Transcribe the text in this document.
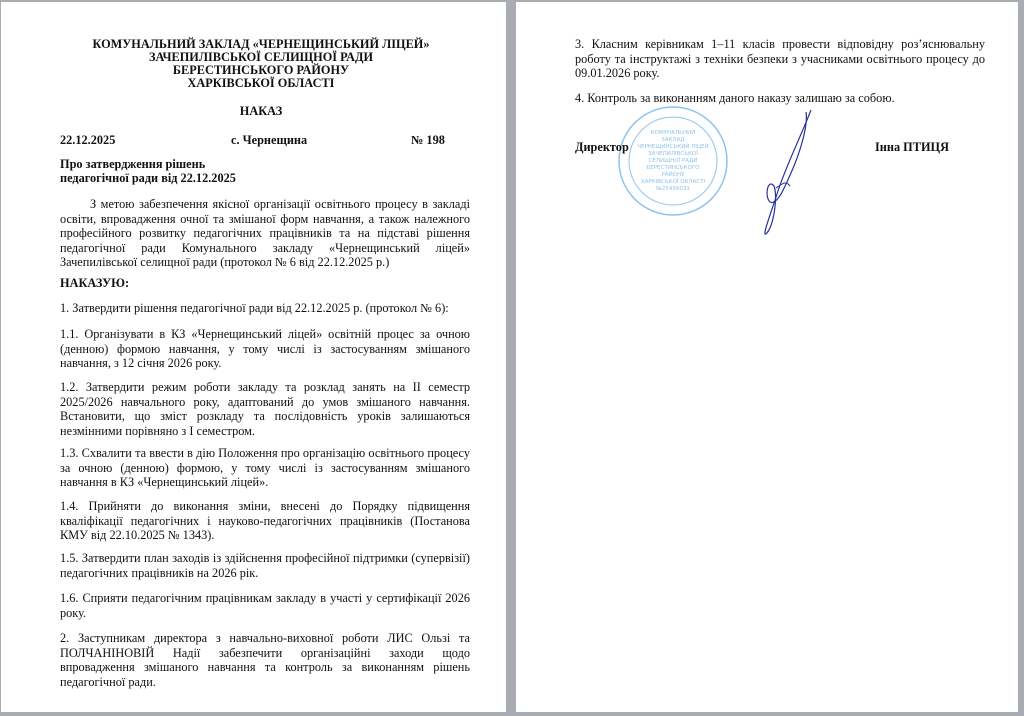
КОМУНАЛЬНИЙ ЗАКЛАД «ЧЕРНЕЩИНСЬКИЙ ЛІЦЕЙ»
ЗАЧЕПИЛІВСЬКОЇ СЕЛИЩНОЇ РАДИ
БЕРЕСТИНСЬКОГО РАЙОНУ
ХАРКІВСЬКОЇ ОБЛАСТІ
НАКАЗ
22.12.2025	с. Чернещина	№ 198
Про затвердження рішень
педагогічної ради від 22.12.2025
З метою забезпечення якісної організації освітнього процесу в закладі освіти, впровадження очної та змішаної форм навчання, а також належного професійного розвитку педагогічних працівників та на підставі рішення педагогічної ради Комунального закладу «Чернещинський ліцей» Зачепилівської селищної ради (протокол № 6 від 22.12.2025 р.)
НАКАЗУЮ:
1. Затвердити рішення педагогічної ради від 22.12.2025 р. (протокол № 6):
1.1. Організувати в КЗ «Чернещинський ліцей» освітній процес за очною (денною) формою навчання, у тому числі із застосуванням змішаного навчання, з 12 січня 2026 року.
1.2. Затвердити режим роботи закладу та розклад занять на ІІ семестр 2025/2026 навчального року, адаптований до умов змішаного навчання. Встановити, що зміст розкладу та послідовність уроків залишаються незмінними порівняно з І семестром.
1.3. Схвалити та ввести в дію Положення про організацію освітнього процесу за очною (денною) формою, у тому числі із застосуванням змішаного навчання в КЗ «Чернещинський ліцей».
1.4. Прийняти до виконання зміни, внесені до Порядку підвищення кваліфікації педагогічних і науково-педагогічних працівників (Постанова КМУ від 22.10.2025 № 1343).
1.5. Затвердити план заходів із здійснення професійної підтримки (супервізії) педагогічних працівників на 2026 рік.
1.6. Сприяти педагогічним працівникам закладу в участі у сертифікації 2026 року.
2. Заступникам директора з навчально-виховної роботи ЛИС Ользі та ПОЛЧАНІНОВІЙ Надії забезпечити організаційні заходи щодо впровадження змішаного навчання та контроль за виконанням рішень педагогічної ради.
3. Класним керівникам 1–11 класів провести відповідну роз’яснювальну роботу та інструктажі з техніки безпеки з учасниками освітнього процесу до 09.01.2026 року.
4. Контроль за виконанням даного наказу залишаю за собою.
КОМУНАЛЬНИЙ
ЗАКЛАД
ЧЕРНЕЩИНСЬКИЙ ЛІЦЕЙ
ЗАЧЕПИЛІВСЬКОЇ
СЕЛИЩНОЇ РАДИ
БЕРЕСТИНСЬКОГО
РАЙОНУ
ХАРКІВСЬКОЇ ОБЛАСТІ
№25456031
Директор	Інна ПТИЦЯ
